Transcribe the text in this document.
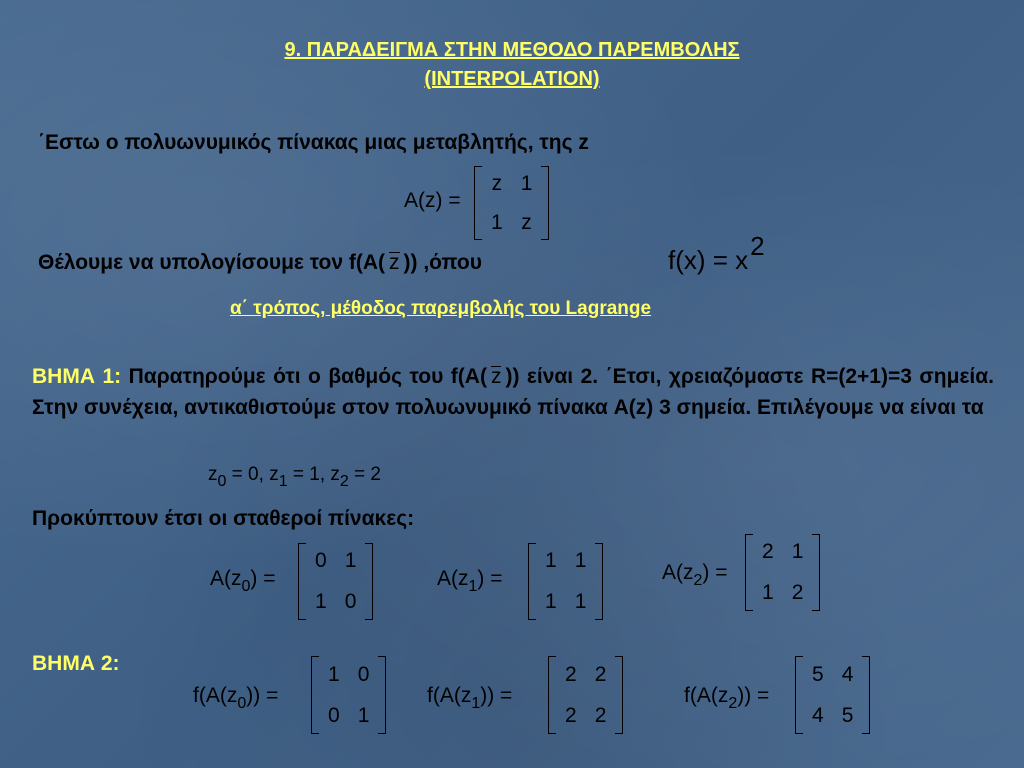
9. ΠΑΡΑΔΕΙΓΜΑ ΣΤΗΝ ΜΕΘΟΔΟ ΠΑΡΕΜΒΟΛΗΣ
(INTERPOLATION)
΄Εστω ο πολυωνυμικός πίνακας μιας μεταβλητής, της z
A(z) =
z 1
1 z
Θέλουμε να υπολογίσουμε τον f(A( z )) ,όπου	f(x) = x2
α΄ τρόπος, μέθοδος παρεμβολής του Lagrange
ΒΗΜΑ 1: Παρατηρούμε ότι ο βαθμός του f(A( z )) είναι 2. ΄Ετσι, χρειαζόμαστε R=(2+1)=3 σημεία. Στην συνέχεια, αντικαθιστούμε στον πολυωνυμικό πίνακα A(z) 3 σημεία. Επιλέγουμε να είναι τα
$z_0 = 0$, $z_1 = 1$, $z_2 = 2$
Προκύπτουν έτσι οι σταθεροί πίνακες:
$A(z_0)$ =
0 1
1 0
$A(z_1)$ =
1 1
1 1
$A(z_2)$ =
2 1
1 2
ΒΗΜΑ 2:
$f(A(z_0))$ =
1 0
0 1
$f(A(z_1))$ =
2 2
2 2
$f(A(z_2))$ =
5 4
4 5
